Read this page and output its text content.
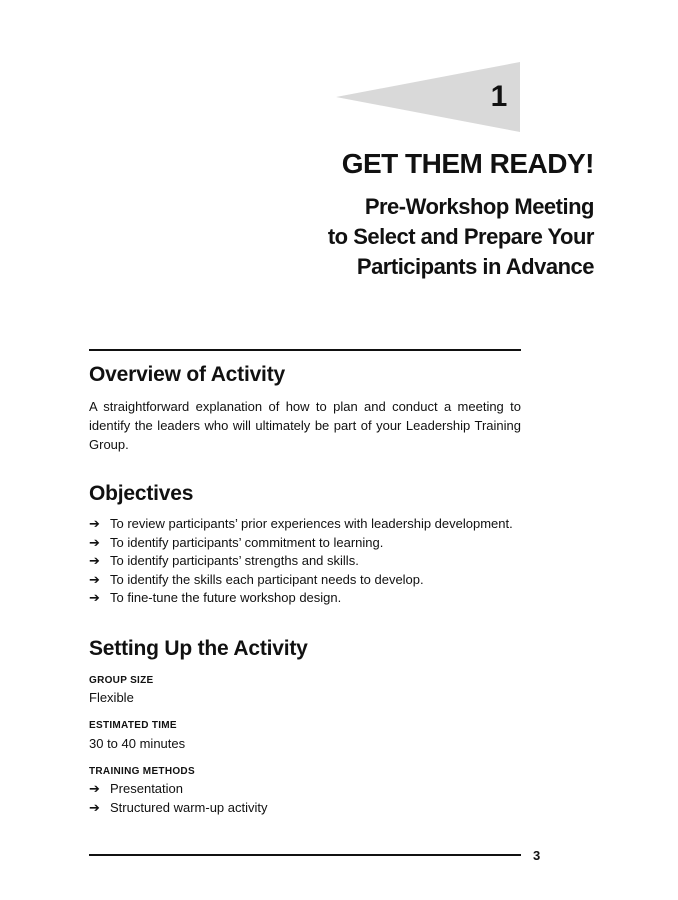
1
GET THEM READY!
Pre-Workshop Meeting
to Select and Prepare Your
Participants in Advance
Overview of Activity

A straightforward explanation of how to plan and conduct a meeting to identify the leaders who will ultimately be part of your Leadership Training Group.

Objectives
➔ To review participants’ prior experiences with leadership development.
➔ To identify participants’ commitment to learning.
➔ To identify participants’ strengths and skills.
➔ To identify the skills each participant needs to develop.
➔ To fine-tune the future workshop design.
Setting Up the Activity
GROUP SIZE
Flexible
ESTIMATED TIME
30 to 40 minutes
TRAINING METHODS
➔ Presentation
➔ Structured warm-up activity
3
